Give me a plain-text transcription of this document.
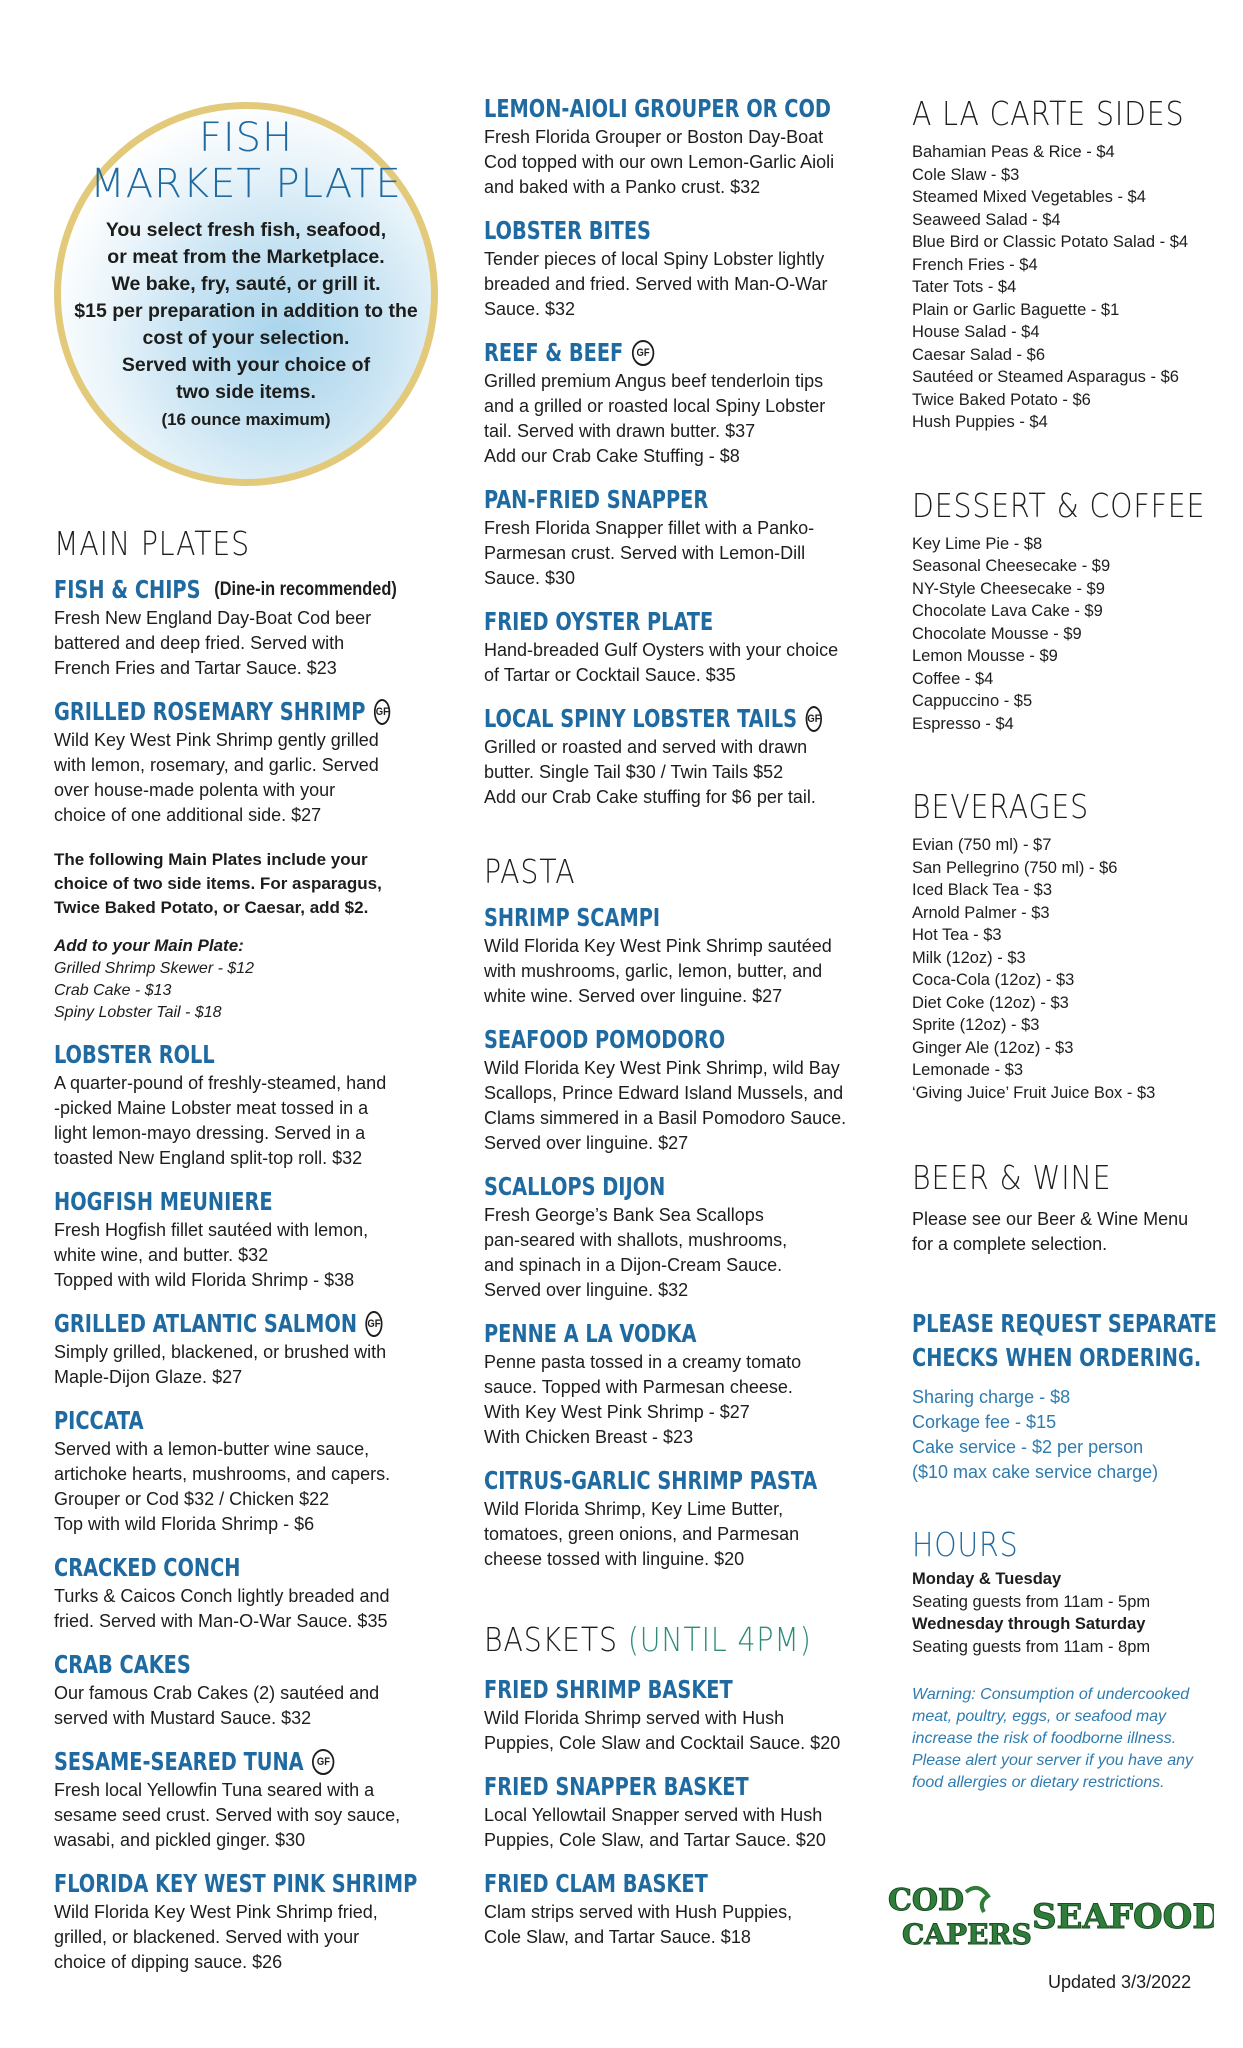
FISH
MARKET PLATE
You select fresh fish, seafood,
or meat from the Marketplace.
We bake, fry, sauté, or grill it.
$15 per preparation in addition to the
cost of your selection.
Served with your choice of
two side items.
(16 ounce maximum)
MAIN PLATES
FISH & CHIPS (Dine-in recommended)
Fresh New England Day-Boat Cod beer
battered and deep fried. Served with
French Fries and Tartar Sauce. $23
GRILLED ROSEMARY SHRIMP GF
Wild Key West Pink Shrimp gently grilled
with lemon, rosemary, and garlic. Served
over house-made polenta with your
choice of one additional side. $27
The following Main Plates include your
choice of two side items. For asparagus,
Twice Baked Potato, or Caesar, add $2.
Add to your Main Plate:
Grilled Shrimp Skewer - $12
Crab Cake - $13
Spiny Lobster Tail - $18
LOBSTER ROLL
A quarter-pound of freshly-steamed, hand
-picked Maine Lobster meat tossed in a
light lemon-mayo dressing. Served in a
toasted New England split-top roll. $32
HOGFISH MEUNIERE
Fresh Hogfish fillet sautéed with lemon,
white wine, and butter. $32
Topped with wild Florida Shrimp - $38
GRILLED ATLANTIC SALMON GF
Simply grilled, blackened, or brushed with
Maple-Dijon Glaze. $27
PICCATA
Served with a lemon-butter wine sauce,
artichoke hearts, mushrooms, and capers.
Grouper or Cod $32 / Chicken $22
Top with wild Florida Shrimp - $6
CRACKED CONCH
Turks & Caicos Conch lightly breaded and
fried. Served with Man-O-War Sauce. $35
CRAB CAKES
Our famous Crab Cakes (2) sautéed and
served with Mustard Sauce. $32
SESAME-SEARED TUNA	GF
Fresh local Yellowfin Tuna seared with a
sesame seed crust. Served with soy sauce,
wasabi, and pickled ginger. $30
FLORIDA KEY WEST PINK SHRIMP
Wild Florida Key West Pink Shrimp fried,
grilled, or blackened. Served with your
choice of dipping sauce. $26
LEMON-AIOLI GROUPER OR COD
Fresh Florida Grouper or Boston Day-Boat
Cod topped with our own Lemon-Garlic Aioli
and baked with a Panko crust. $32
LOBSTER BITES
Tender pieces of local Spiny Lobster lightly
breaded and fried. Served with Man-O-War
Sauce. $32
REEF & BEEF	GF
Grilled premium Angus beef tenderloin tips
and a grilled or roasted local Spiny Lobster
tail. Served with drawn butter. $37
Add our Crab Cake Stuffing - $8
PAN-FRIED SNAPPER
Fresh Florida Snapper fillet with a Panko-
Parmesan crust. Served with Lemon-Dill
Sauce. $30
FRIED OYSTER PLATE
Hand-breaded Gulf Oysters with your choice
of Tartar or Cocktail Sauce. $35
LOCAL SPINY LOBSTER TAILS GF
Grilled or roasted and served with drawn
butter. Single Tail $30 / Twin Tails $52
Add our Crab Cake stuffing for $6 per tail.
PASTA
SHRIMP SCAMPI
Wild Florida Key West Pink Shrimp sautéed
with mushrooms, garlic, lemon, butter, and
white wine. Served over linguine. $27
SEAFOOD POMODORO
Wild Florida Key West Pink Shrimp, wild Bay
Scallops, Prince Edward Island Mussels, and
Clams simmered in a Basil Pomodoro Sauce.
Served over linguine. $27
SCALLOPS DIJON
Fresh George’s Bank Sea Scallops
pan-seared with shallots, mushrooms,
and spinach in a Dijon-Cream Sauce.
Served over linguine. $32
PENNE A LA VODKA
Penne pasta tossed in a creamy tomato
sauce. Topped with Parmesan cheese.
With Key West Pink Shrimp - $27
With Chicken Breast - $23
CITRUS-GARLIC SHRIMP PASTA
Wild Florida Shrimp, Key Lime Butter,
tomatoes, green onions, and Parmesan
cheese tossed with linguine. $20
BASKETS (UNTIL 4PM)
FRIED SHRIMP BASKET
Wild Florida Shrimp served with Hush
Puppies, Cole Slaw and Cocktail Sauce. $20
FRIED SNAPPER BASKET
Local Yellowtail Snapper served with Hush
Puppies, Cole Slaw, and Tartar Sauce. $20
FRIED CLAM BASKET
Clam strips served with Hush Puppies,
Cole Slaw, and Tartar Sauce. $18
A LA CARTE SIDES
Bahamian Peas & Rice - $4
Cole Slaw - $3
Steamed Mixed Vegetables - $4
Seaweed Salad - $4
Blue Bird or Classic Potato Salad - $4
French Fries - $4
Tater Tots - $4
Plain or Garlic Baguette - $1
House Salad - $4
Caesar Salad - $6
Sautéed or Steamed Asparagus - $6
Twice Baked Potato - $6
Hush Puppies - $4
DESSERT & COFFEE
Key Lime Pie - $8
Seasonal Cheesecake - $9
NY-Style Cheesecake - $9
Chocolate Lava Cake - $9
Chocolate Mousse - $9
Lemon Mousse - $9
Coffee - $4
Cappuccino - $5
Espresso - $4
BEVERAGES
Evian (750 ml) - $7
San Pellegrino (750 ml) - $6
Iced Black Tea - $3
Arnold Palmer - $3
Hot Tea - $3
Milk (12oz) - $3
Coca-Cola (12oz) - $3
Diet Coke (12oz) - $3
Sprite (12oz) - $3
Ginger Ale (12oz) - $3
Lemonade - $3
‘Giving Juice’ Fruit Juice Box - $3
BEER & WINE
Please see our Beer & Wine Menu
for a complete selection.
PLEASE REQUEST SEPARATE
CHECKS WHEN ORDERING.
Sharing charge - $8
Corkage fee - $15
Cake service - $2 per person
($10 max cake service charge)
HOURS
Monday & Tuesday
Seating guests from 11am - 5pm
Wednesday through Saturday
Seating guests from 11am - 8pm
Warning: Consumption of undercooked
meat, poultry, eggs, or seafood may
increase the risk of foodborne illness.
Please alert your server if you have any
food allergies or dietary restrictions.
COD
CAPERS SEAFOOD
Updated 3/3/2022
